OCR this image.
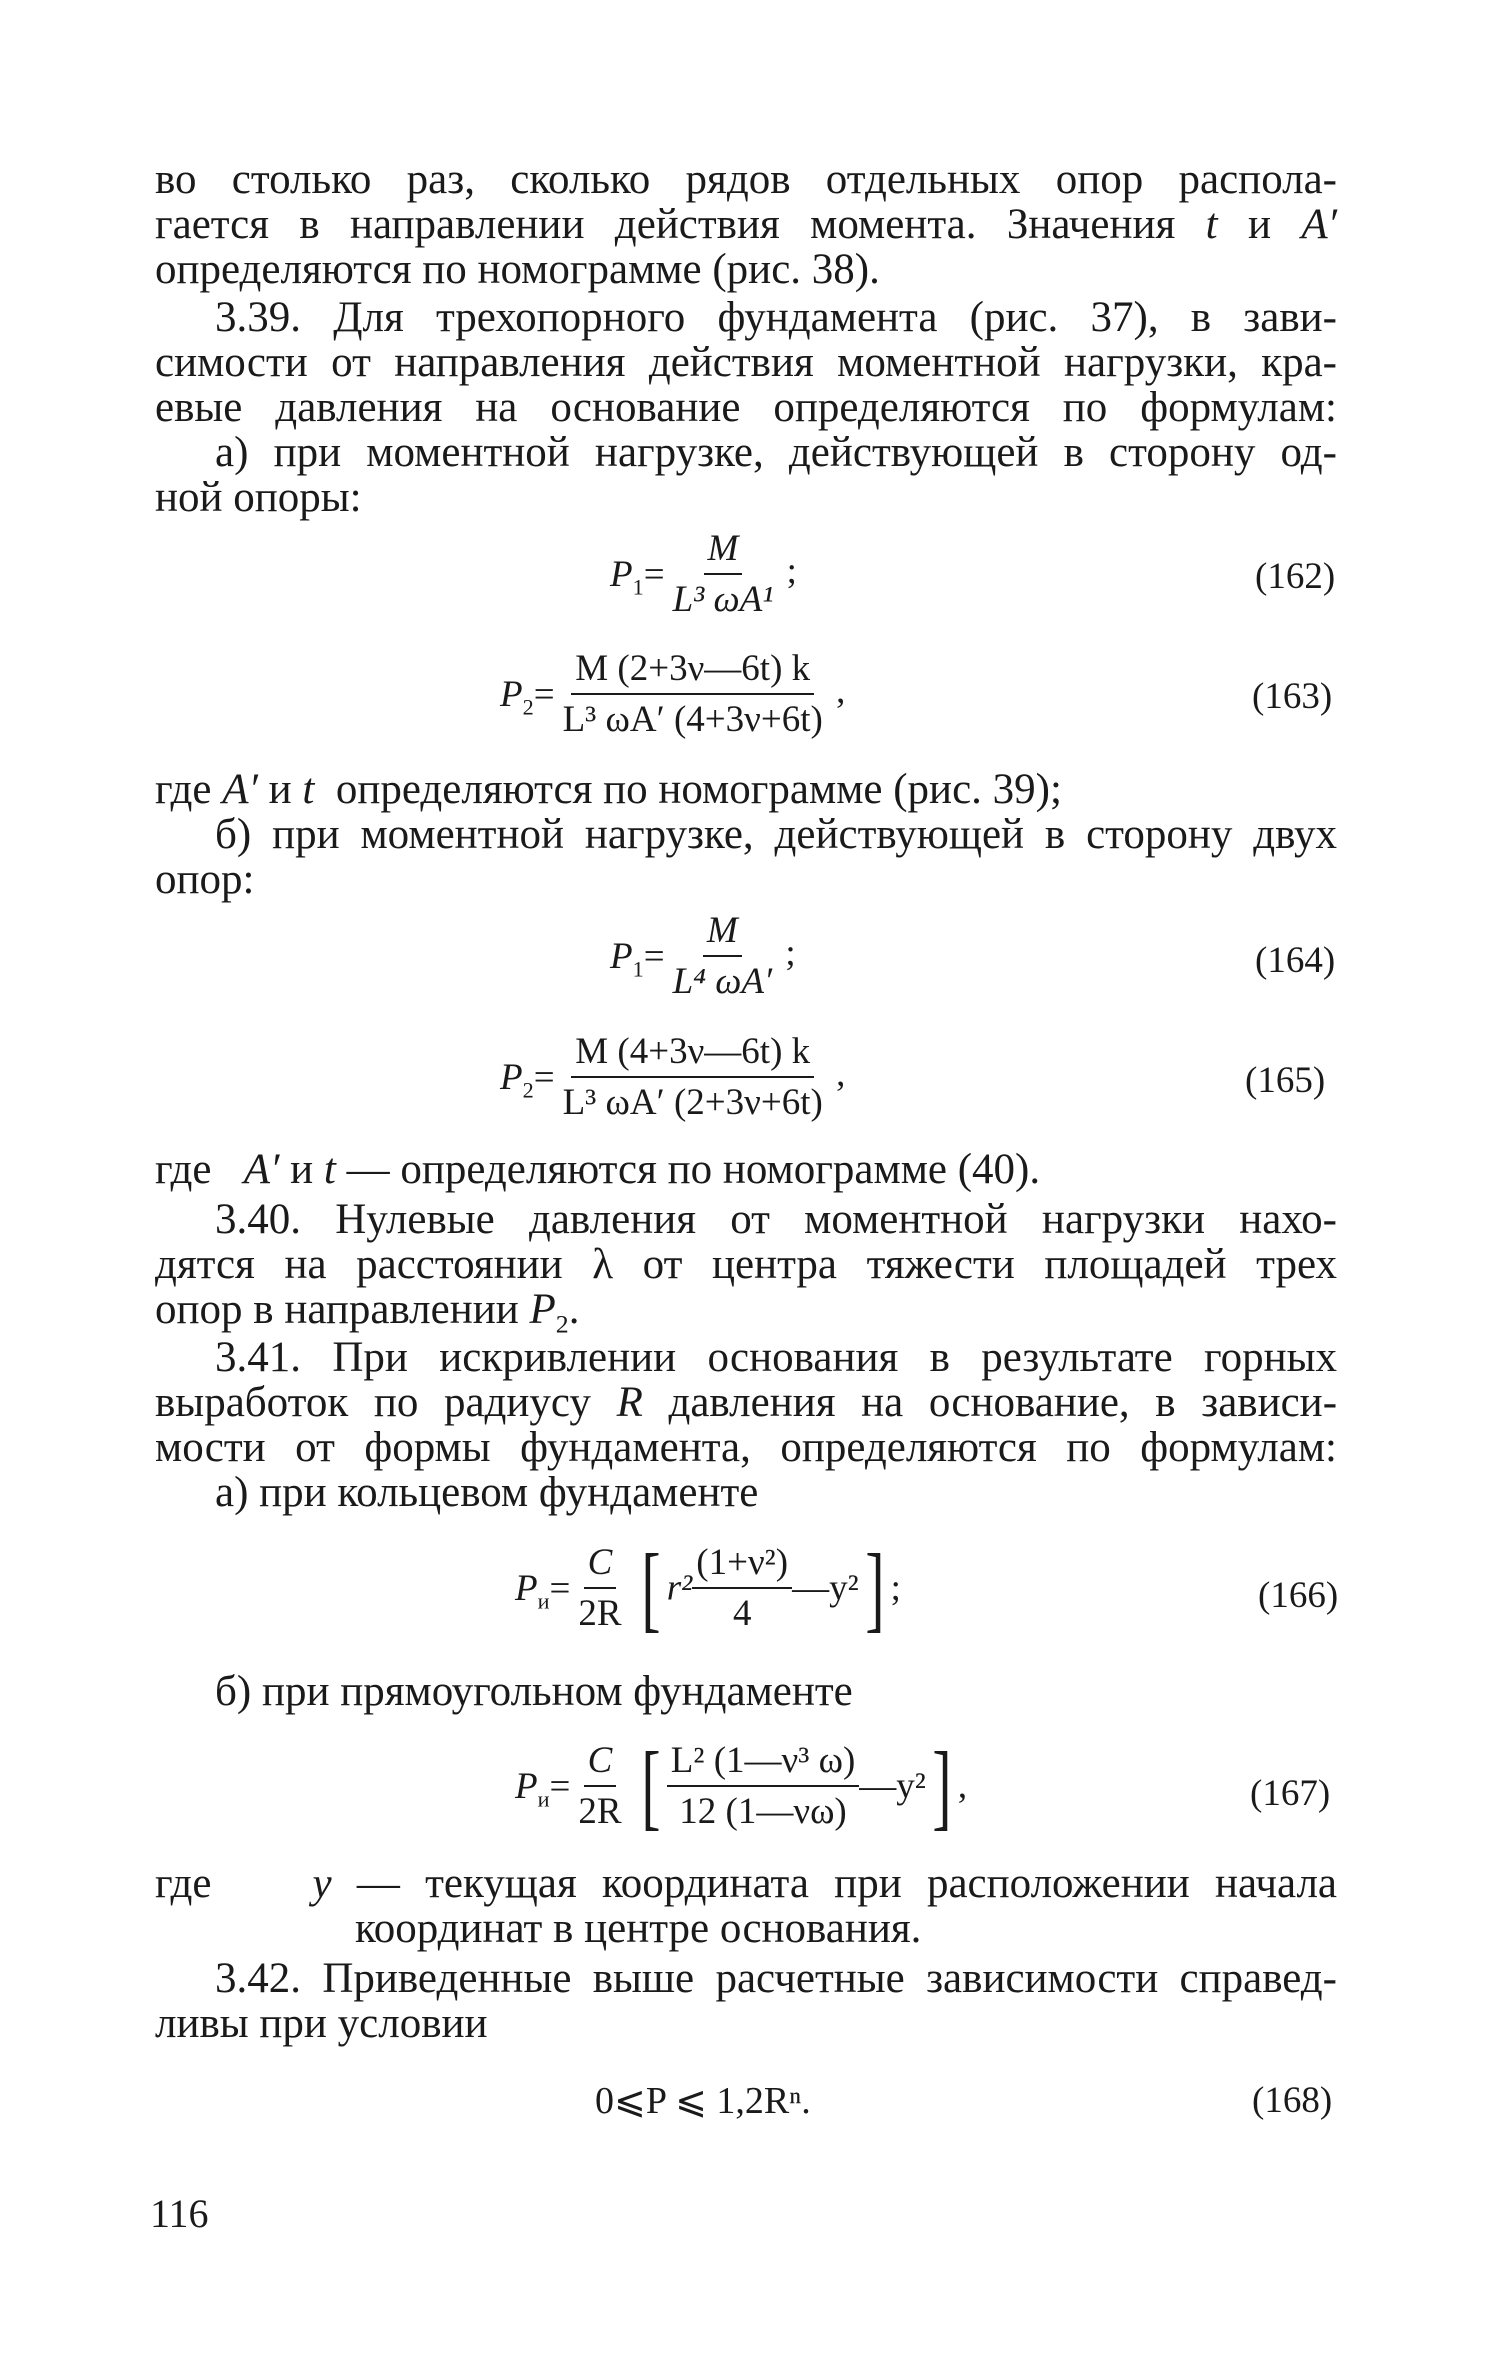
во столько раз, сколько рядов отдельных опор распола-
гается в направлении действия момента. Значения t и A′
определяются по номограмме (рис. 38).
3.39. Для трехопорного фундамента (рис. 37), в зави-
симости от направления действия моментной нагрузки, кра-
евые давления на основание определяются по формулам:
а) при моментной нагрузке, действующей в сторону од-
ной опоры:
$P_1= \frac{M}{\text{L³ ωA¹}}$ ;	(162)
$P_2= \frac{M (2+3\nu—6t) k}{\text{L³ ωA′ (4+3ν+6t)}}$ ,	(163)
где A′ и t определяются по номограмме (рис. 39);
б) при моментной нагрузке, действующей в сторону двух
опор:
$P_1= \frac{M}{\text{L⁴ ωA′}}$ ;	(164)
$P_2= \frac{M (4+3\nu—6t) k}{\text{L³ ωA′ (2+3ν+6t)}}$ ,	(165)
где A′ и t — определяются по номограмме (40).
3.40. Нулевые давления от моментной нагрузки нахо-
дятся на расстоянии λ от центра тяжести площадей трех
опор в направлении $P_2$.
3.41. При искривлении основания в результате горных
выработок по радиусу R давления на основание, в зависи-
мости от формы фундамента, определяются по формулам:
а) при кольцевом фундаменте
$P_и= \frac{C}{2R}$ [ $r^2 \frac{\text{(1+ν²)}}{4}$ —y²] ;	(166)
б) при прямоугольном фундаменте
$P_и= \frac{C}{2R}$ [ $\frac{\text{L² (1—ν³ ω)}}{12 (1—\nu\omega)}$ —y²] ,	(167)
где y — текущая координата при расположении начала
координат в центре основания.
3.42. Приведенные выше расчетные зависимости справед-
ливы при условии
0⩽P ⩽ 1,2Rⁿ.	(168)
116
